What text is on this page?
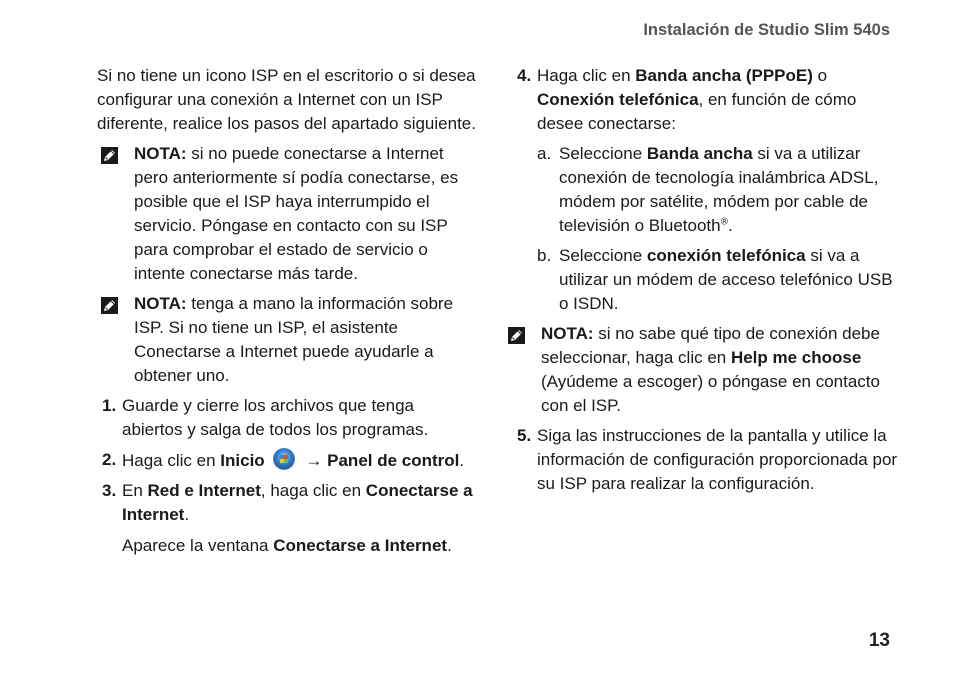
Instalación de Studio Slim 540s

Si no tiene un icono ISP en el escritorio o si desea configurar una conexión a Internet con un ISP diferente, realice los pasos del apartado siguiente.

NOTA: si no puede conectarse a Internet pero anteriormente sí podía conectarse, es posible que el ISP haya interrumpido el servicio. Póngase en contacto con su ISP para comprobar el estado de servicio o intente conectarse más tarde.
NOTA: tenga a mano la información sobre ISP. Si no tiene un ISP, el asistente Conectarse a Internet puede ayudarle a obtener uno.
1. Guarde y cierre los archivos que tenga abiertos y salga de todos los programas.
2. Haga clic en Inicio → Panel de control.
3. En Red e Internet, haga clic en Conectarse a Internet.

Aparece la ventana Conectarse a Internet.

4. Haga clic en Banda ancha (PPPoE) o Conexión telefónica, en función de cómo desee conectarse:
a. Seleccione Banda ancha si va a utilizar conexión de tecnología inalámbrica ADSL, módem por satélite, módem por cable de televisión o Bluetooth®.
b. Seleccione conexión telefónica si va a utilizar un módem de acceso telefónico USB o ISDN.
NOTA: si no sabe qué tipo de conexión debe seleccionar, haga clic en Help me choose (Ayúdeme a escoger) o póngase en contacto con el ISP.
5. Siga las instrucciones de la pantalla y utilice la información de configuración proporcionada por su ISP para realizar la configuración.
13
